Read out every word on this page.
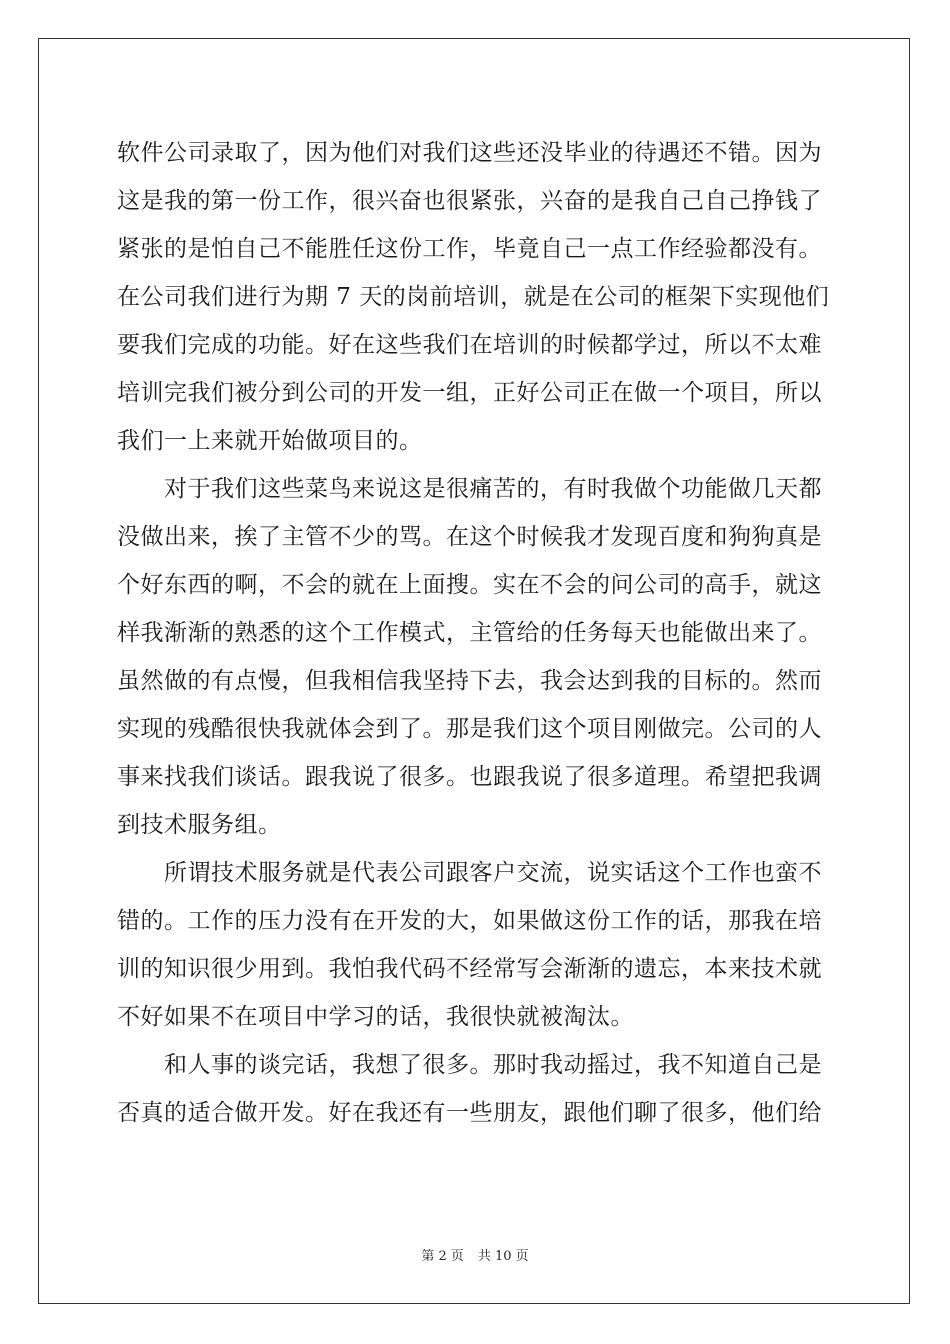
软件公司录取了，因为他们对我们这些还没毕业的待遇还不错。因为

这是我的第一份工作，很兴奋也很紧张，兴奋的是我自己自己挣钱了

紧张的是怕自己不能胜任这份工作，毕竟自己一点工作经验都没有。

在公司我们进行为期 7 天的岗前培训，就是在公司的框架下实现他们

要我们完成的功能。好在这些我们在培训的时候都学过，所以不太难

培训完我们被分到公司的开发一组，正好公司正在做一个项目，所以

我们一上来就开始做项目的。

　　对于我们这些菜鸟来说这是很痛苦的，有时我做个功能做几天都

没做出来，挨了主管不少的骂。在这个时候我才发现百度和狗狗真是

个好东西的啊，不会的就在上面搜。实在不会的问公司的高手，就这

样我渐渐的熟悉的这个工作模式，主管给的任务每天也能做出来了。

虽然做的有点慢，但我相信我坚持下去，我会达到我的目标的。然而

实现的残酷很快我就体会到了。那是我们这个项目刚做完。公司的人

事来找我们谈话。跟我说了很多。也跟我说了很多道理。希望把我调

到技术服务组。

　　所谓技术服务就是代表公司跟客户交流，说实话这个工作也蛮不

错的。工作的压力没有在开发的大，如果做这份工作的话，那我在培

训的知识很少用到。我怕我代码不经常写会渐渐的遗忘，本来技术就

不好如果不在项目中学习的话，我很快就被淘汰。

　　和人事的谈完话，我想了很多。那时我动摇过，我不知道自己是

否真的适合做开发。好在我还有一些朋友，跟他们聊了很多，他们给

第 2 页 共 10 页
